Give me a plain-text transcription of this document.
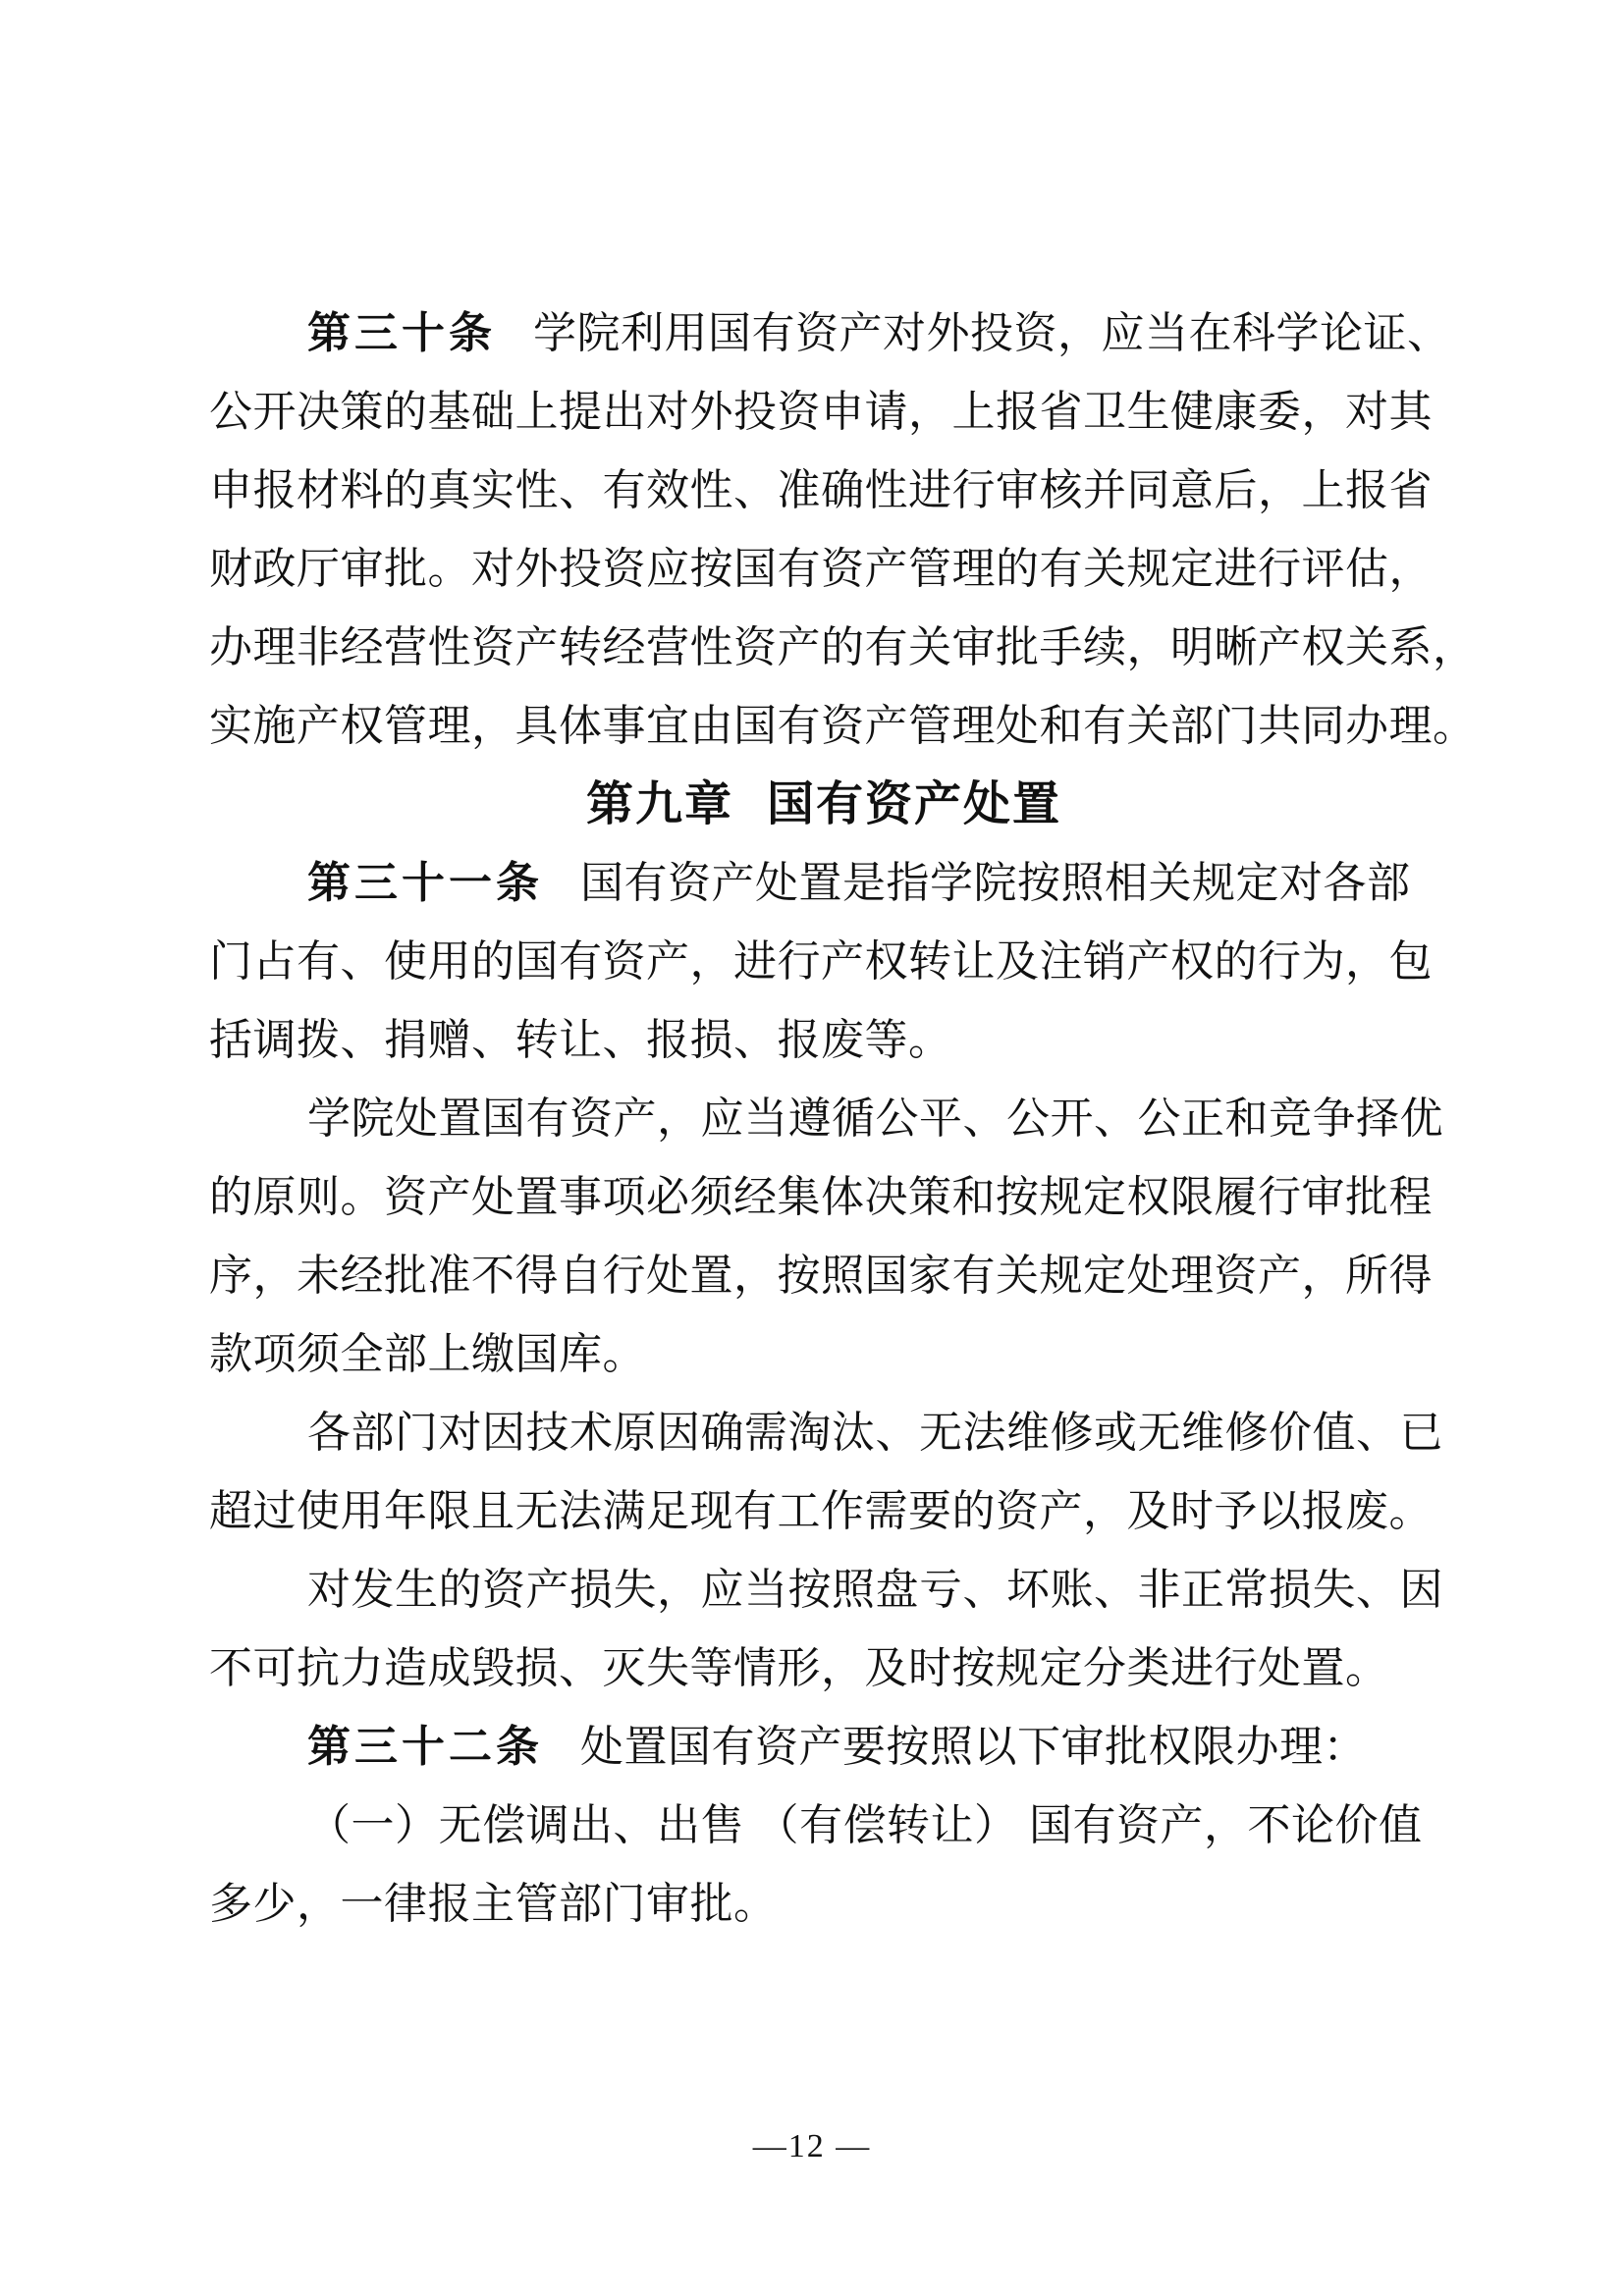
第三十条 学院利用国有资产对外投资，应当在科学论证、
公开决策的基础上提出对外投资申请，上报省卫生健康委，对其
申报材料的真实性、有效性、准确性进行审核并同意后，上报省
财政厅审批。对外投资应按国有资产管理的有关规定进行评估，
办理非经营性资产转经营性资产的有关审批手续，明晰产权关系，
实施产权管理，具体事宜由国有资产管理处和有关部门共同办理。
第九章 国有资产处置
第三十一条 国有资产处置是指学院按照相关规定对各部
门占有、使用的国有资产，进行产权转让及注销产权的行为，包
括调拨、捐赠、转让、报损、报废等。
学院处置国有资产，应当遵循公平、公开、公正和竞争择优
的原则。资产处置事项必须经集体决策和按规定权限履行审批程
序，未经批准不得自行处置，按照国家有关规定处理资产，所得
款项须全部上缴国库。
各部门对因技术原因确需淘汰、无法维修或无维修价值、已
超过使用年限且无法满足现有工作需要的资产，及时予以报废。
对发生的资产损失，应当按照盘亏、坏账、非正常损失、因
不可抗力造成毁损、灭失等情形，及时按规定分类进行处置。
第三十二条 处置国有资产要按照以下审批权限办理：
（一）无偿调出、出售 （有偿转让） 国有资产，不论价值
多少，一律报主管部门审批。
—12 —
